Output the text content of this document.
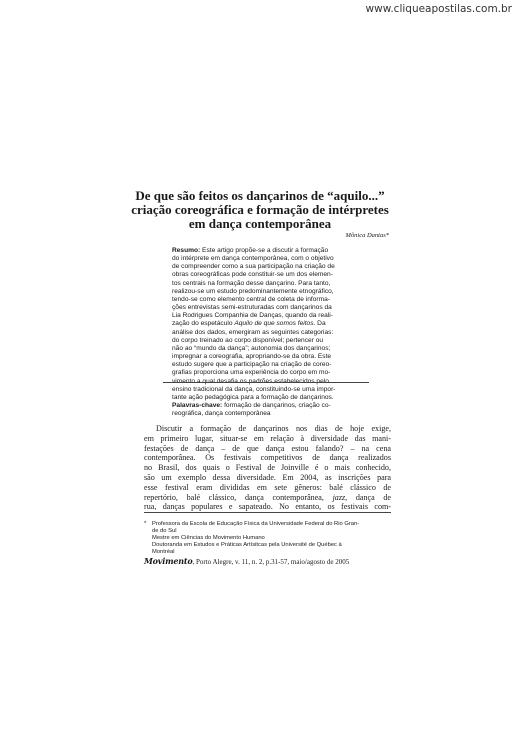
www.cliqueapostilas.com.br
De que são feitos os dançarinos de “aquilo...”
criação coreográfica e formação de intérpretes
em dança contemporânea
Mônica Dantas*
Resumo: Este artigo propõe-se a discutir a formação
do intérprete em dança contemporânea, com o objetivo
de compreender como a sua participação na criação de
obras coreográficas pode constituir-se um dos elemen-
tos centrais na formação desse dançarino. Para tanto,
realizou-se um estudo predominantemente etnográfico,
tendo-se como elemento central de coleta de informa-
ções entrevistas semi-estruturadas com dançarinos da
Lia Rodrigues Companhia de Danças, quando da reali-
zação do espetáculo Aquilo de que somos feitos. Da
análise dos dados, emergiram as seguintes categorias:
do corpo treinado ao corpo disponível; pertencer ou
não ao “mundo da dança”; autonomia dos dançarinos;
impregnar a coreografia, apropriando-se da obra. Este
estudo sugere que a participação na criação de coreo-
grafias proporciona uma experiência do corpo em mo-
vimento a qual desafia os padrões estabelecidos pelo
ensino tradicional da dança, constituindo-se uma impor-
tante ação pedagógica para a formação de dançarinos.
Palavras-chave: formação de dançarinos, criação co-
reográfica, dança contemporânea
Discutir a formação de dançarinos nos dias de hoje exige,
em primeiro lugar, situar-se em relação à diversidade das mani-
festações de dança – de que dança estou falando? – na cena
contemporânea. Os festivais competitivos de dança realizados
no Brasil, dos quais o Festival de Joinville é o mais conhecido,
são um exemplo dessa diversidade. Em 2004, as inscrições para
esse festival eram divididas em sete gêneros: balé clássico de
repertório, balé clássico, dança contemporânea, jazz, dança de
rua, danças populares e sapateado. No entanto, os festivais com-
* Professora da Escola de Educação Física da Universidade Federal do Rio Gran-
de do Sul
Mestre em Ciências do Movimento Humano
Doutoranda em Estudos e Práticas Artísitcas pela Université de Québec à
Montréal
Movimento, Porto Alegre, v. 11, n. 2, p.31-57, maio/agosto de 2005
